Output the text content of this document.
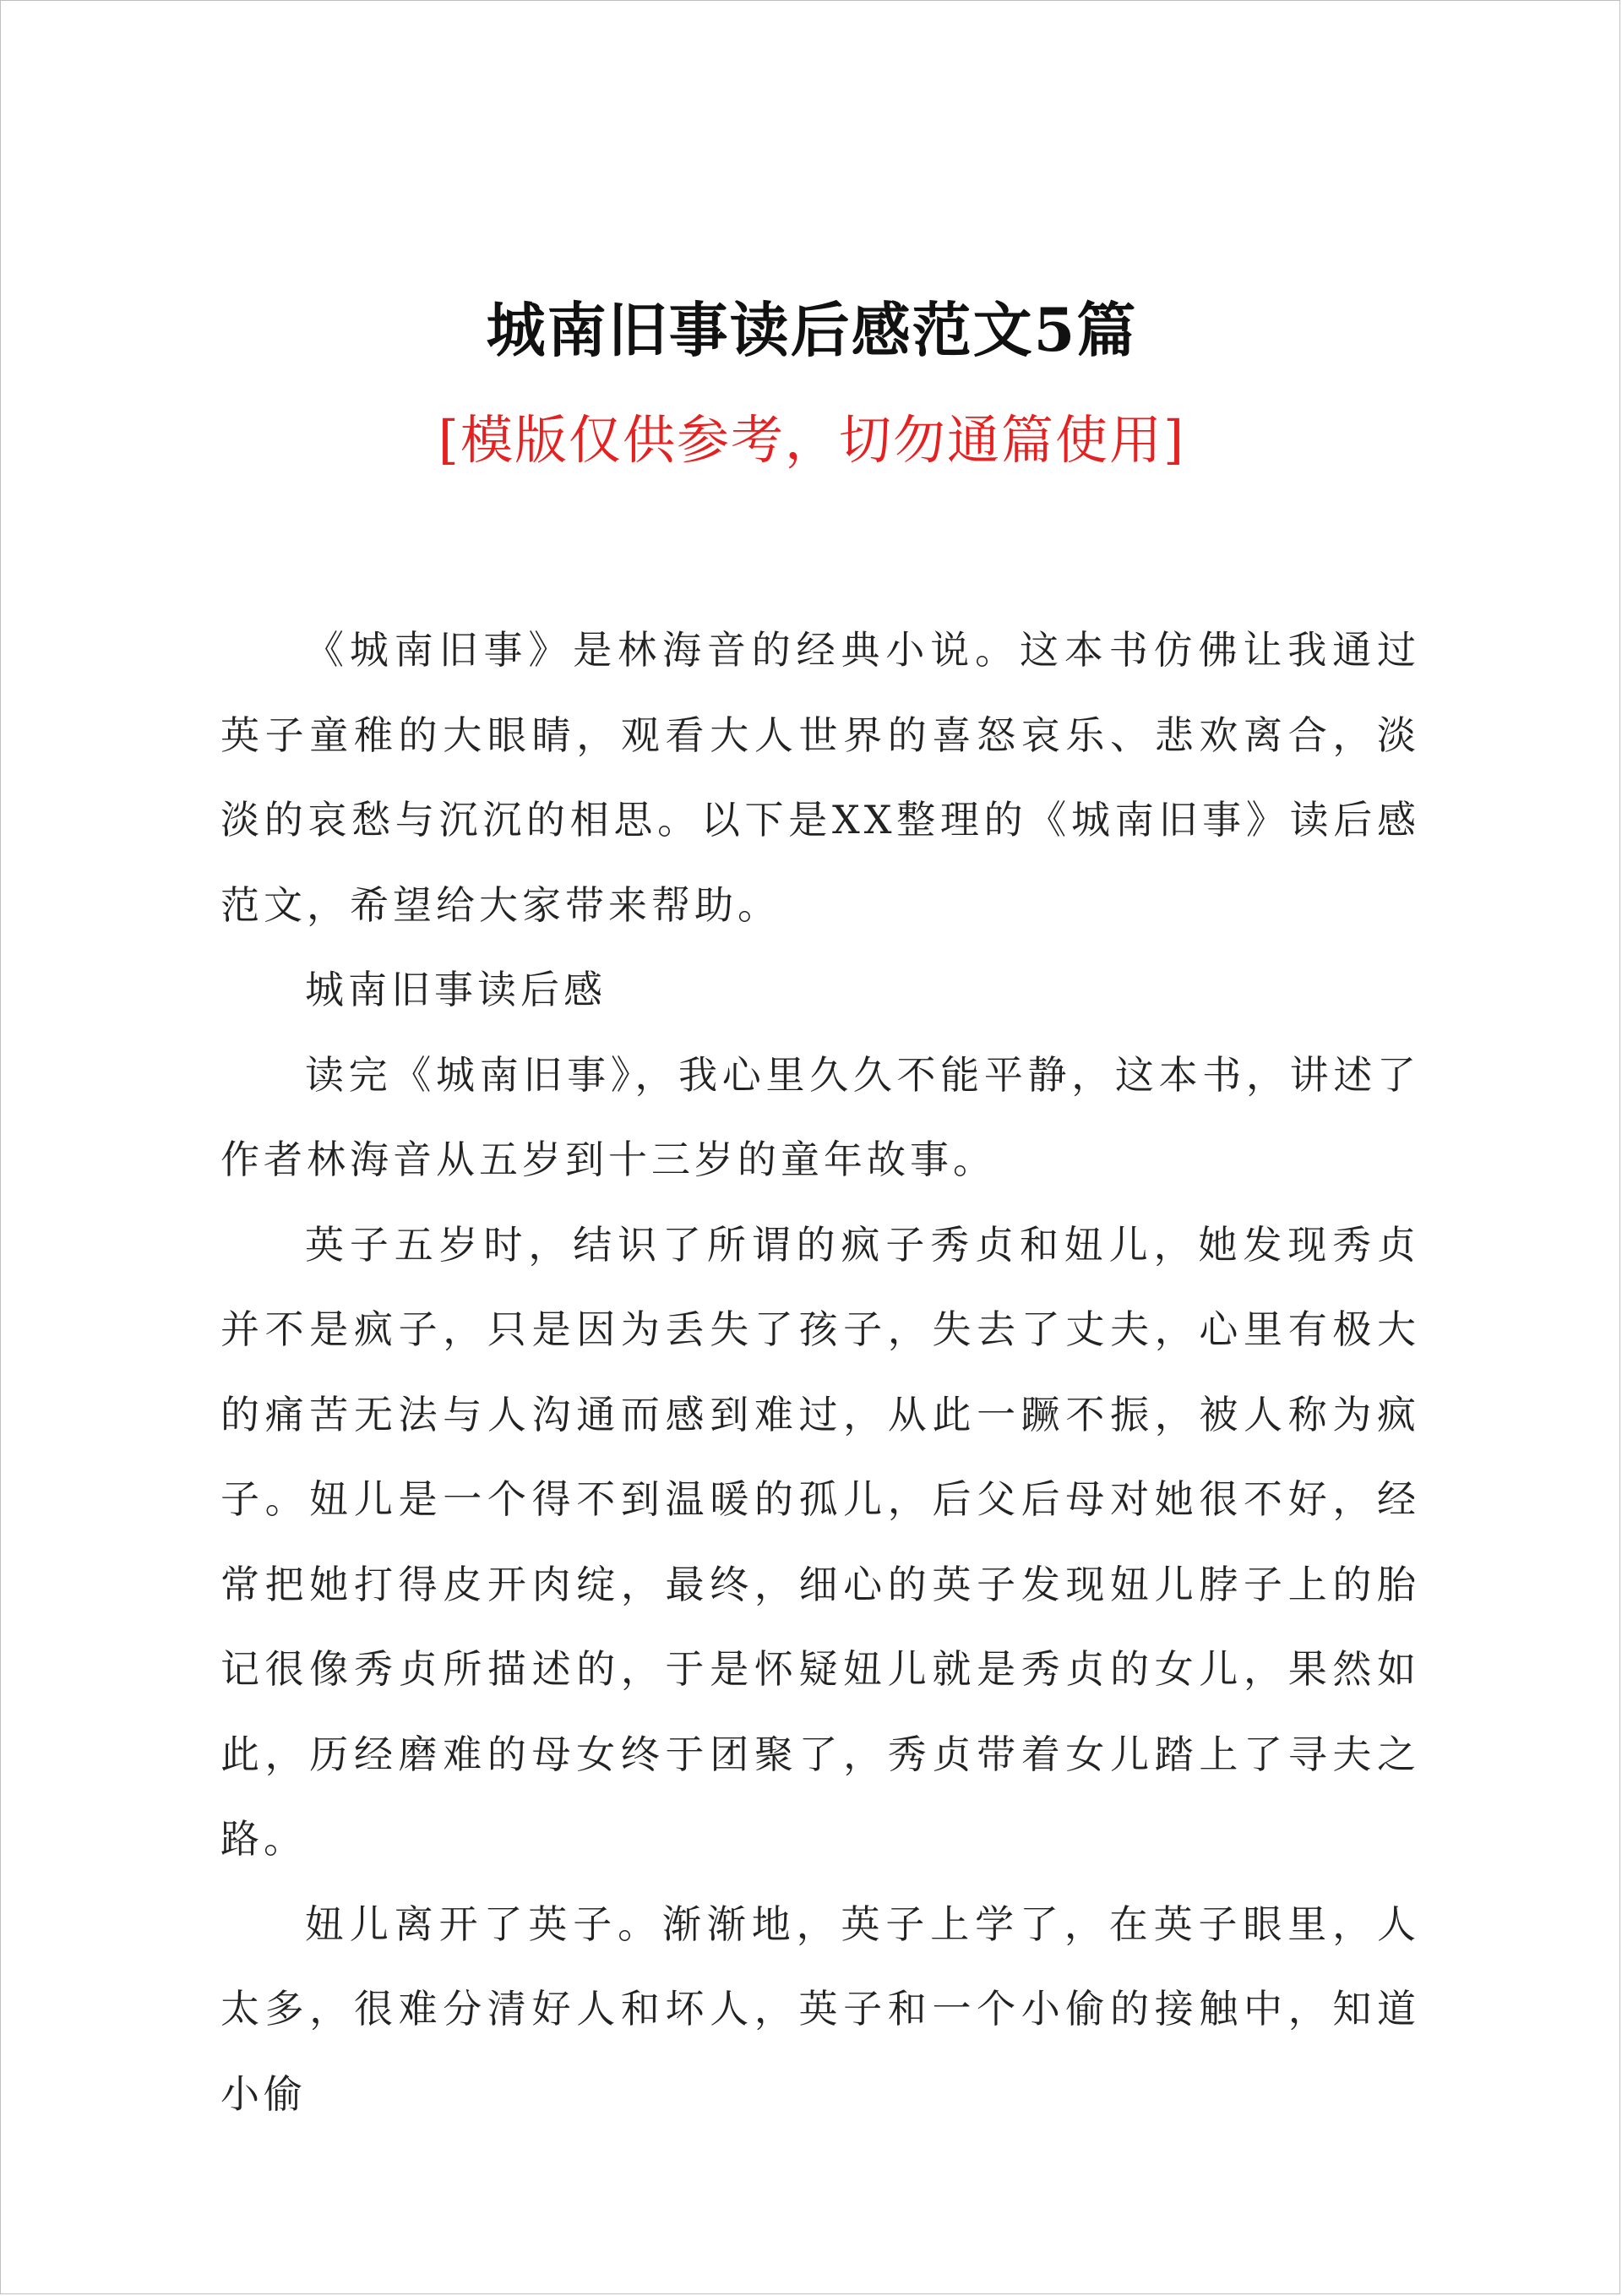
城南旧事读后感范文5篇
[模版仅供参考，切勿通篇使用]

《城南旧事》是林海音的经典小说。这本书仿佛让我通过英子童稚的大眼睛，观看大人世界的喜怒哀乐、悲欢离合，淡淡的哀愁与沉沉的相思。以下是XX整理的《城南旧事》读后感范文，希望给大家带来帮助。

城南旧事读后感

读完《城南旧事》，我心里久久不能平静，这本书，讲述了作者林海音从五岁到十三岁的童年故事。

英子五岁时，结识了所谓的疯子秀贞和妞儿，她发现秀贞并不是疯子，只是因为丢失了孩子，失去了丈夫，心里有极大的痛苦无法与人沟通而感到难过，从此一蹶不振，被人称为疯子。妞儿是一个得不到温暖的孤儿，后父后母对她很不好，经常把她打得皮开肉绽，最终，细心的英子发现妞儿脖子上的胎记很像秀贞所描述的，于是怀疑妞儿就是秀贞的女儿，果然如此，历经磨难的母女终于团聚了，秀贞带着女儿踏上了寻夫之路。

妞儿离开了英子。渐渐地，英子上学了，在英子眼里，人太多，很难分清好人和坏人，英子和一个小偷的接触中，知道小偷
